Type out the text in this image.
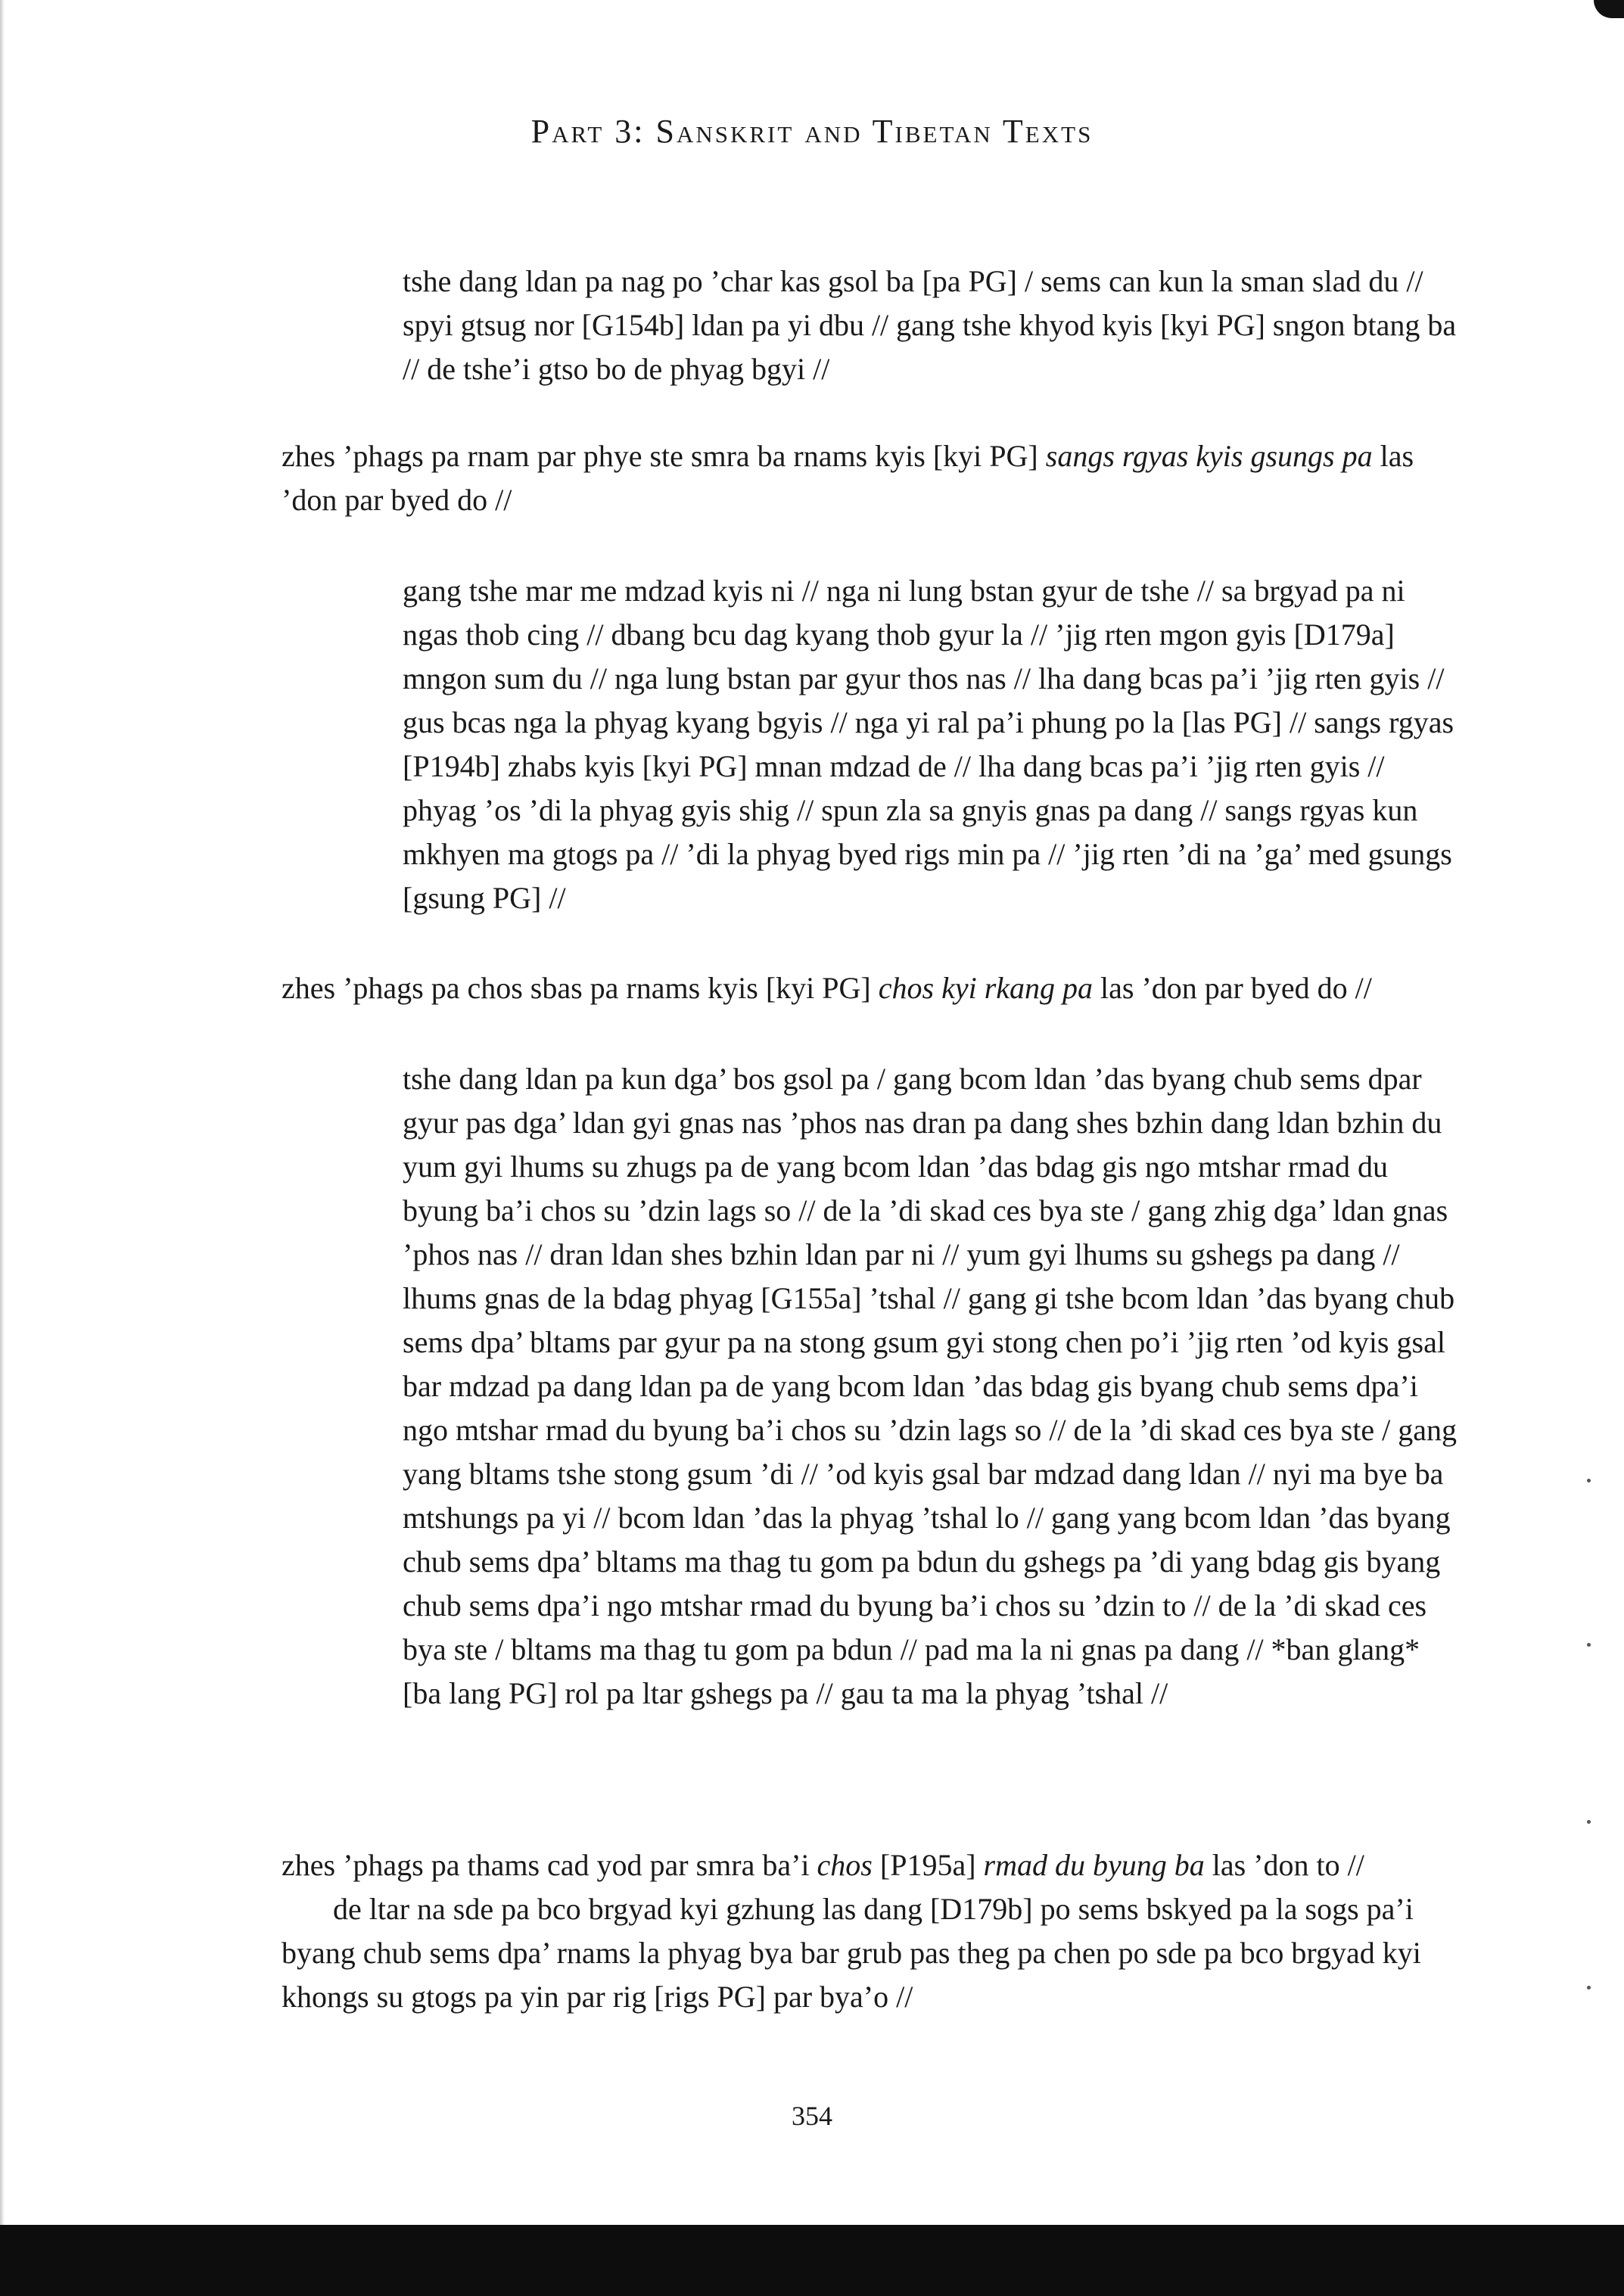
Part 3: Sanskrit and Tibetan Texts

tshe dang ldan pa nag po ’char kas gsol ba [pa PG] / sems can kun la sman slad du // spyi gtsug nor [G154b] ldan pa yi dbu // gang tshe khyod kyis [kyi PG] sngon btang ba // de tshe’i gtso bo de phyag bgyi //

zhes ’phags pa rnam par phye ste smra ba rnams kyis [kyi PG] sangs rgyas kyis gsungs pa las ’don par byed do //

gang tshe mar me mdzad kyis ni // nga ni lung bstan gyur de tshe // sa brgyad pa ni ngas thob cing // dbang bcu dag kyang thob gyur la // ’jig rten mgon gyis [D179a] mngon sum du // nga lung bstan par gyur thos nas // lha dang bcas pa’i ’jig rten gyis // gus bcas nga la phyag kyang bgyis // nga yi ral pa’i phung po la [las PG] // sangs rgyas [P194b] zhabs kyis [kyi PG] mnan mdzad de // lha dang bcas pa’i ’jig rten gyis // phyag ’os ’di la phyag gyis shig // spun zla sa gnyis gnas pa dang // sangs rgyas kun mkhyen ma gtogs pa // ’di la phyag byed rigs min pa // ’jig rten ’di na ’ga’ med gsungs [gsung PG] //

zhes ’phags pa chos sbas pa rnams kyis [kyi PG] chos kyi rkang pa las ’don par byed do //

tshe dang ldan pa kun dga’ bos gsol pa / gang bcom ldan ’das byang chub sems dpar gyur pas dga’ ldan gyi gnas nas ’phos nas dran pa dang shes bzhin dang ldan bzhin du yum gyi lhums su zhugs pa de yang bcom ldan ’das bdag gis ngo mtshar rmad du byung ba’i chos su ’dzin lags so // de la ’di skad ces bya ste / gang zhig dga’ ldan gnas ’phos nas // dran ldan shes bzhin ldan par ni // yum gyi lhums su gshegs pa dang // lhums gnas de la bdag phyag [G155a] ’tshal // gang gi tshe bcom ldan ’das byang chub sems dpa’ bltams par gyur pa na stong gsum gyi stong chen po’i ’jig rten ’od kyis gsal bar mdzad pa dang ldan pa de yang bcom ldan ’das bdag gis byang chub sems dpa’i ngo mtshar rmad du byung ba’i chos su ’dzin lags so // de la ’di skad ces bya ste / gang yang bltams tshe stong gsum ’di // ’od kyis gsal bar mdzad dang ldan // nyi ma bye ba mtshungs pa yi // bcom ldan ’das la phyag ’tshal lo // gang yang bcom ldan ’das byang chub sems dpa’ bltams ma thag tu gom pa bdun du gshegs pa ’di yang bdag gis byang chub sems dpa’i ngo mtshar rmad du byung ba’i chos su ’dzin to // de la ’di skad ces bya ste / bltams ma thag tu gom pa bdun // pad ma la ni gnas pa dang // *ban glang* [ba lang PG] rol pa ltar gshegs pa // gau ta ma la phyag ’tshal //

zhes ’phags pa thams cad yod par smra ba’i chos [P195a] rmad du byung ba las ’don to //

de ltar na sde pa bco brgyad kyi gzhung las dang [D179b] po sems bskyed pa la sogs pa’i byang chub sems dpa’ rnams la phyag bya bar grub pas theg pa chen po sde pa bco brgyad kyi khongs su gtogs pa yin par rig [rigs PG] par bya’o //

354
